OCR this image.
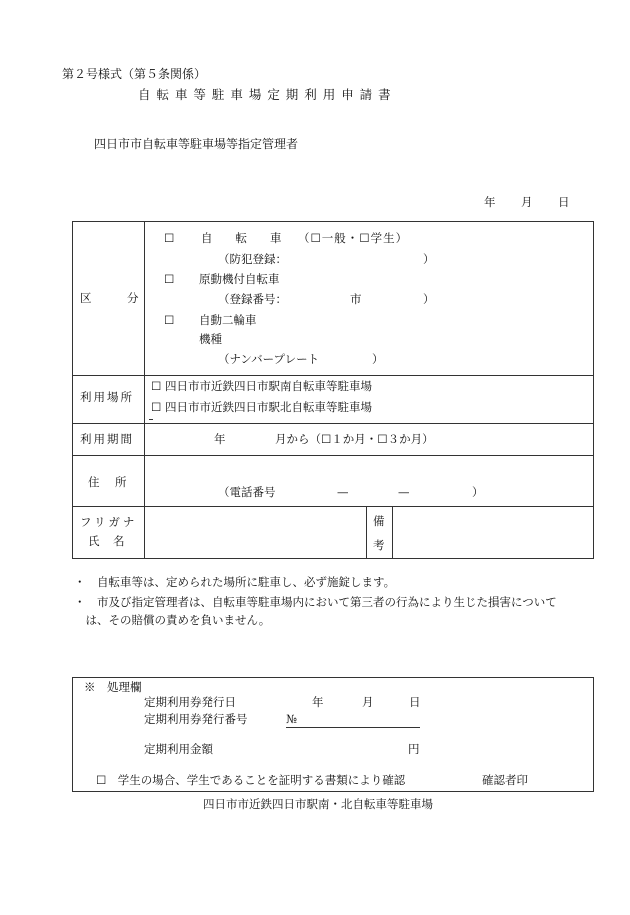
第２号様式（第５条関係）
自 転 車 等 駐 車 場 定 期 利 用 申 請 書
四日市市自転車等駐車場等指定管理者
年 月 日
区	分
☐ 自　　転　　車 （☐一般・☐学生）
（防犯登録：	）
☐ 原動機付自転車
（登録番号：	市	）
☐ 自動二輪車
機種
（ナンバープレート	）
利用場所
☐ 四日市市近鉄四日市駅南自転車等駐車場
☐ 四日市市近鉄四日市駅北自転車等駐車場
利用期間	年	月から（☐１か月・☐３か月）
住　所
（電話番号	—	—	）
フリガナ
氏　名
備
考
・　自転車等は、定められた場所に駐車し、必ず施錠します。
・　市及び指定管理者は、自転車等駐車場内において第三者の行為により生じた損害について
　は、その賠償の責めを負いません。
※　処理欄
定期利用券発行日	年	月	日
定期利用券発行番号	№
定期利用金額	円
☐　学生の場合、学生であることを証明する書類により確認	確認者印
四日市市近鉄四日市駅南・北自転車等駐車場
